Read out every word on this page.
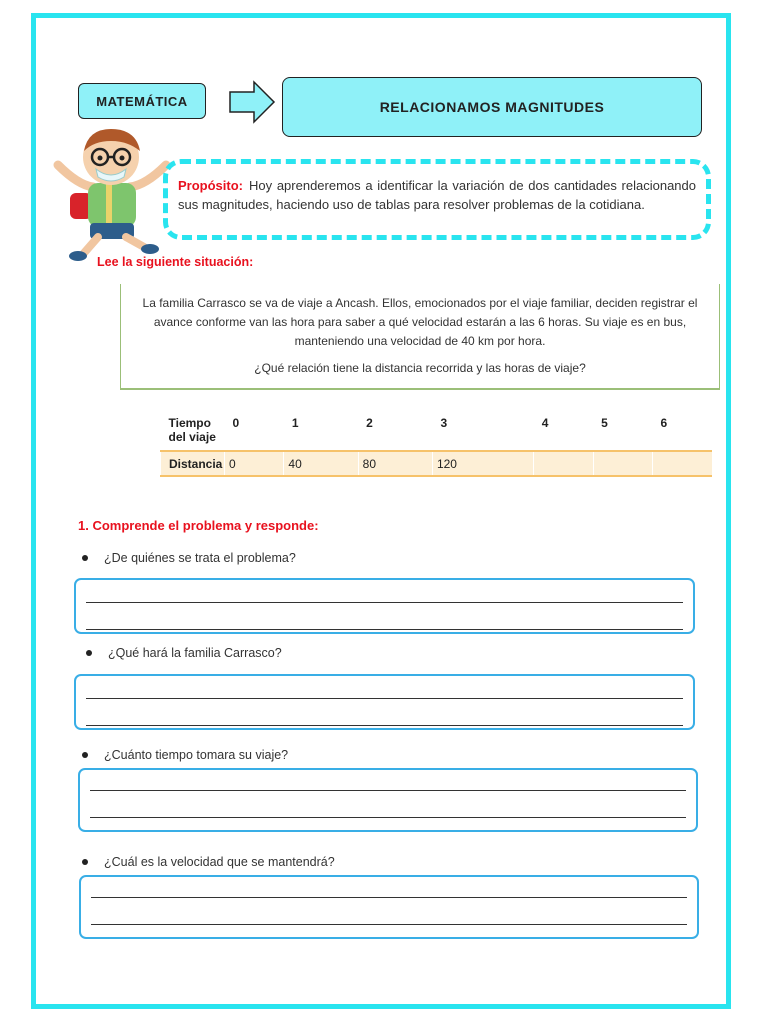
MATEMÁTICA	RELACIONAMOS MAGNITUDES
Propósito: Hoy aprenderemos a identificar la variación de dos cantidades relacionando sus magnitudes, haciendo uso de tablas para resolver problemas de la cotidiana.
Lee la siguiente situación:
La familia Carrasco se va de viaje a Ancash. Ellos, emocionados por el viaje familiar, deciden registrar el avance conforme van las hora para saber a qué velocidad estarán a las 6 horas. Su viaje es en bus, manteniendo una velocidad de 40 km por hora.
¿Qué relación tiene la distancia recorrida y las horas de viaje?
Tiempo del viaje	0	1	2	3	4	5	6
Distancia	0	40	80	120			
1. Comprende el problema y responde:
¿De quiénes se trata el problema?
¿Qué hará la familia Carrasco?
¿Cuánto tiempo tomara su viaje?
¿Cuál es la velocidad que se mantendrá?
